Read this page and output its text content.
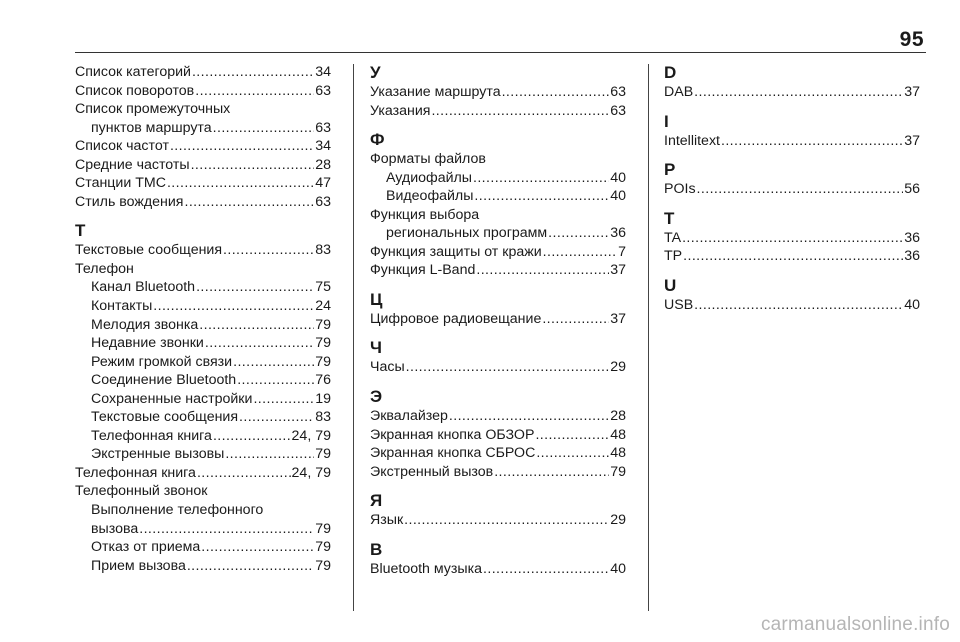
95
Список категорий .....	34
Список поворотов .....	63
Список промежуточных
пунктов маршрута .....	63
Список частот .....	34
Средние частоты .....	28
Станции TMC .....	47
Стиль вождения .....	63
Т
Текстовые сообщения .....	83
Телефон
Канал Bluetooth .....	75
Контакты .....	24
Мелодия звонка .....	79
Недавние звонки .....	79
Режим громкой связи .....	79
Соединение Bluetooth .....	76
Сохраненные настройки .....	19
Текстовые сообщения .....	83
Телефонная книга .....	24, 79
Экстренные вызовы .....	79
Телефонная книга .....	24, 79
Телефонный звонок
Выполнение телефонного
вызова .....	79
Отказ от приема .....	79
Прием вызова .....	79
У
Указание маршрута .....	63
Указания .....	63
Ф
Форматы файлов
Аудиофайлы .....	40
Видеофайлы .....	40
Функция выбора
региональных программ .....	36
Функция защиты от кражи .....	7
Функция L-Band .....	37
Ц
Цифровое радиовещание .....	37
Ч
Часы .....	29
Э
Эквалайзер .....	28
Экранная кнопка ОБЗОР .....	48
Экранная кнопка СБРОС .....	48
Экстренный вызов .....	79
Я
Язык .....	29
B
Bluetooth музыка .....	40
D
DAB .....	37
I
Intellitext .....	37
P
POIs .....	56
T
TA .....	36
TP .....	36
U
USB .....	40
carmanualsonline.info
